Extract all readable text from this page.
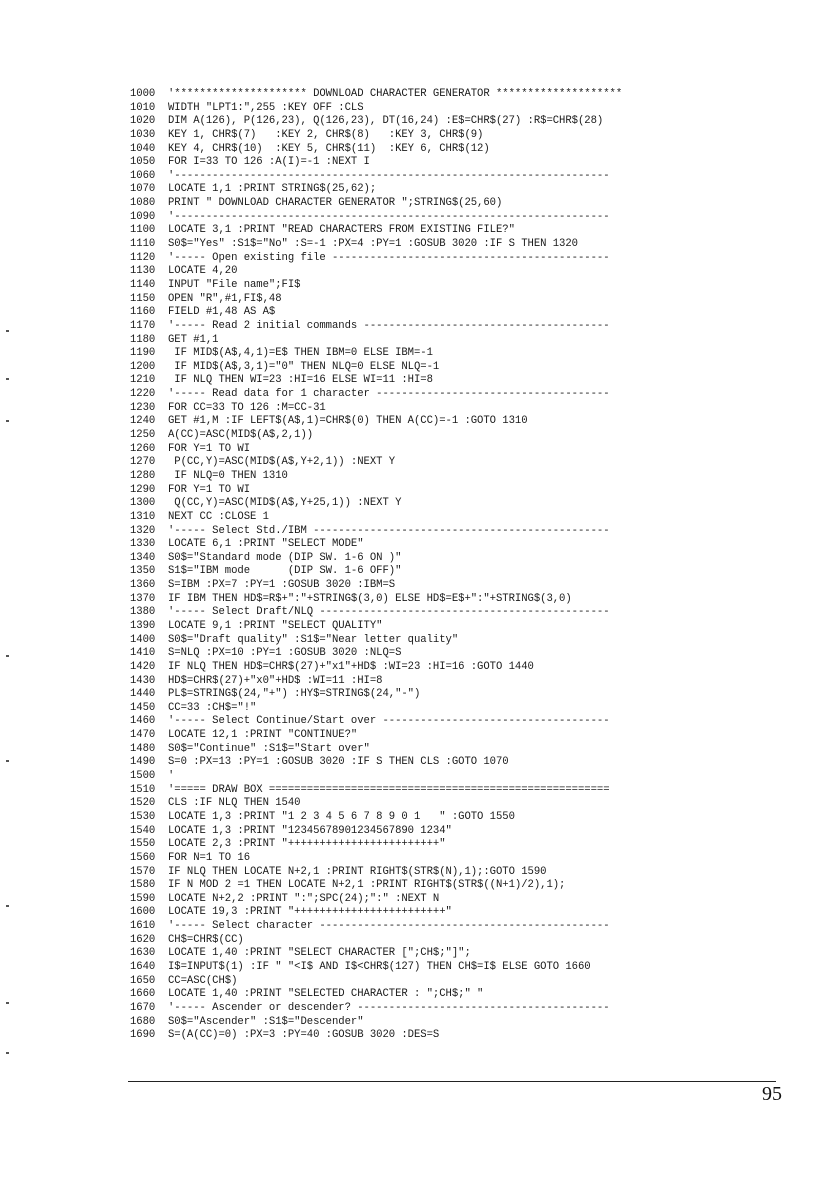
1000	'********************* DOWNLOAD CHARACTER GENERATOR ********************
1010	WIDTH "LPT1:",255 :KEY OFF :CLS
1020	DIM A(126), P(126,23), Q(126,23), DT(16,24) :E$=CHR$(27) :R$=CHR$(28)
1030	KEY 1, CHR$(7)   :KEY 2, CHR$(8)   :KEY 3, CHR$(9)
1040	KEY 4, CHR$(10)  :KEY 5, CHR$(11)  :KEY 6, CHR$(12)
1050	FOR I=33 TO 126 :A(I)=-1 :NEXT I
1060	'---------------------------------------------------------------------
1070	LOCATE 1,1 :PRINT STRING$(25,62);
1080	PRINT " DOWNLOAD CHARACTER GENERATOR ";STRING$(25,60)
1090	'---------------------------------------------------------------------
1100	LOCATE 3,1 :PRINT "READ CHARACTERS FROM EXISTING FILE?"
1110	S0$="Yes" :S1$="No" :S=-1 :PX=4 :PY=1 :GOSUB 3020 :IF S THEN 1320
1120	'----- Open existing file --------------------------------------------
1130	LOCATE 4,20
1140	INPUT "File name";FI$
1150	OPEN "R",#1,FI$,48
1160	FIELD #1,48 AS A$
1170	'----- Read 2 initial commands ---------------------------------------
1180	GET #1,1
1190	IF MID$(A$,4,1)=E$ THEN IBM=0 ELSE IBM=-1
1200	IF MID$(A$,3,1)="0" THEN NLQ=0 ELSE NLQ=-1
1210	IF NLQ THEN WI=23 :HI=16 ELSE WI=11 :HI=8
1220	'----- Read data for 1 character -------------------------------------
1230	FOR CC=33 TO 126 :M=CC-31
1240	GET #1,M :IF LEFT$(A$,1)=CHR$(0) THEN A(CC)=-1 :GOTO 1310
1250	A(CC)=ASC(MID$(A$,2,1))
1260	FOR Y=1 TO WI
1270	P(CC,Y)=ASC(MID$(A$,Y+2,1)) :NEXT Y
1280	IF NLQ=0 THEN 1310
1290	FOR Y=1 TO WI
1300	Q(CC,Y)=ASC(MID$(A$,Y+25,1)) :NEXT Y
1310	NEXT CC :CLOSE 1
1320	'----- Select Std./IBM -----------------------------------------------
1330	LOCATE 6,1 :PRINT "SELECT MODE"
1340	S0$="Standard mode (DIP SW. 1-6 ON )"
1350	S1$="IBM mode      (DIP SW. 1-6 OFF)"
1360	S=IBM :PX=7 :PY=1 :GOSUB 3020 :IBM=S
1370	IF IBM THEN HD$=R$+":"+STRING$(3,0) ELSE HD$=E$+":"+STRING$(3,0)
1380	'----- Select Draft/NLQ ----------------------------------------------
1390	LOCATE 9,1 :PRINT "SELECT QUALITY"
1400	S0$="Draft quality" :S1$="Near letter quality"
1410	S=NLQ :PX=10 :PY=1 :GOSUB 3020 :NLQ=S
1420	IF NLQ THEN HD$=CHR$(27)+"x1"+HD$ :WI=23 :HI=16 :GOTO 1440
1430	HD$=CHR$(27)+"x0"+HD$ :WI=11 :HI=8
1440	PL$=STRING$(24,"+") :HY$=STRING$(24,"-")
1450	CC=33 :CH$="!"
1460	'----- Select Continue/Start over ------------------------------------
1470	LOCATE 12,1 :PRINT "CONTINUE?"
1480	S0$="Continue" :S1$="Start over"
1490	S=0 :PX=13 :PY=1 :GOSUB 3020 :IF S THEN CLS :GOTO 1070
1500	'
1510	'===== DRAW BOX ======================================================
1520	CLS :IF NLQ THEN 1540
1530	LOCATE 1,3 :PRINT "1 2 3 4 5 6 7 8 9 0 1   " :GOTO 1550
1540	LOCATE 1,3 :PRINT "12345678901234567890 1234"
1550	LOCATE 2,3 :PRINT "++++++++++++++++++++++++"
1560	FOR N=1 TO 16
1570	IF NLQ THEN LOCATE N+2,1 :PRINT RIGHT$(STR$(N),1);:GOTO 1590
1580	IF N MOD 2 =1 THEN LOCATE N+2,1 :PRINT RIGHT$(STR$((N+1)/2),1);
1590	LOCATE N+2,2 :PRINT ":";SPC(24);":" :NEXT N
1600	LOCATE 19,3 :PRINT "++++++++++++++++++++++++"
1610	'----- Select character ----------------------------------------------
1620	CH$=CHR$(CC)
1630	LOCATE 1,40 :PRINT "SELECT CHARACTER [";CH$;"]";
1640	I$=INPUT$(1) :IF " "<I$ AND I$<CHR$(127) THEN CH$=I$ ELSE GOTO 1660
1650	CC=ASC(CH$)
1660	LOCATE 1,40 :PRINT "SELECTED CHARACTER : ";CH$;" "
1670	'----- Ascender or descender? ----------------------------------------
1680	S0$="Ascender" :S1$="Descender"
1690	S=(A(CC)=0) :PX=3 :PY=40 :GOSUB 3020 :DES=S
95
